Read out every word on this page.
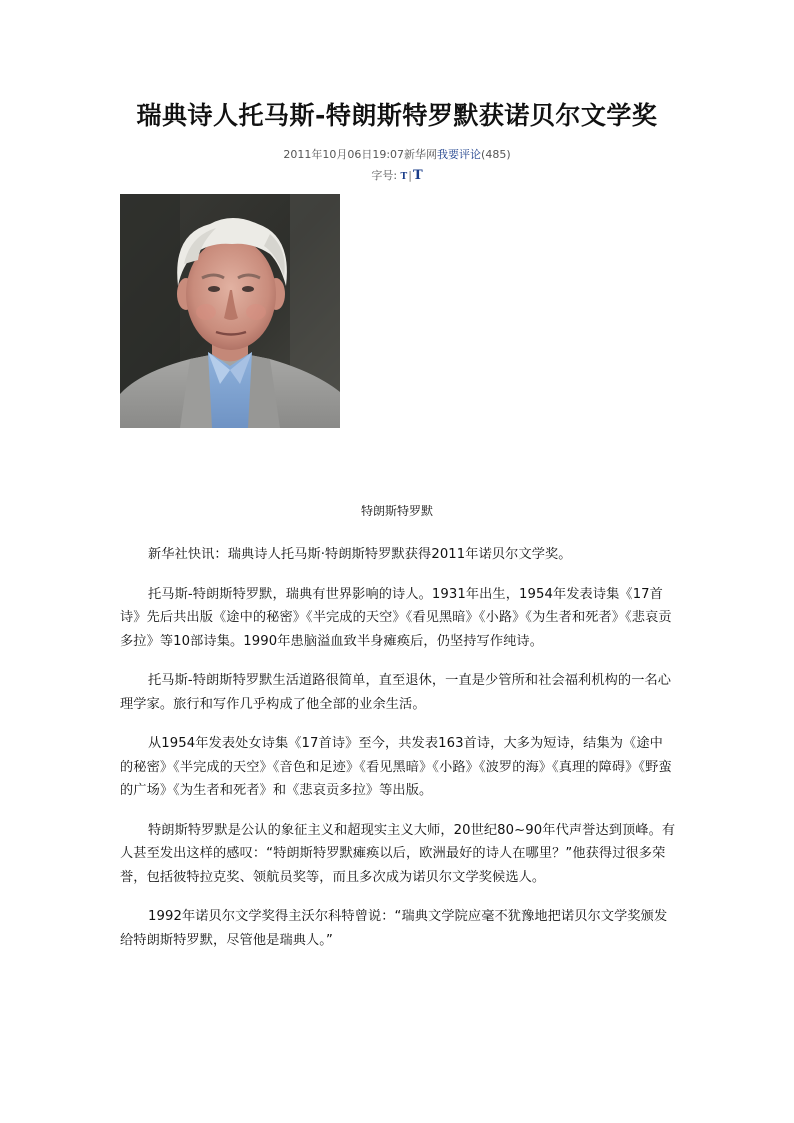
瑞典诗人托马斯-特朗斯特罗默获诺贝尔文学奖
2011年10月06日19:07新华网我要评论(485)
字号: T|T
特朗斯特罗默

新华社快讯：瑞典诗人托马斯·特朗斯特罗默获得2011年诺贝尔文学奖。

托马斯-特朗斯特罗默，瑞典有世界影响的诗人。1931年出生，1954年发表诗集《17首诗》先后共出版《途中的秘密》《半完成的天空》《看见黑暗》《小路》《为生者和死者》《悲哀贡多拉》等10部诗集。1990年患脑溢血致半身瘫痪后，仍坚持写作纯诗。

托马斯-特朗斯特罗默生活道路很简单，直至退休，一直是少管所和社会福利机构的一名心理学家。旅行和写作几乎构成了他全部的业余生活。

从1954年发表处女诗集《17首诗》至今，共发表163首诗，大多为短诗，结集为《途中的秘密》《半完成的天空》《音色和足迹》《看见黑暗》《小路》《波罗的海》《真理的障碍》《野蛮的广场》《为生者和死者》和《悲哀贡多拉》等出版。

特朗斯特罗默是公认的象征主义和超现实主义大师，20世纪80~90年代声誉达到顶峰。有人甚至发出这样的感叹：“特朗斯特罗默瘫痪以后，欧洲最好的诗人在哪里？”他获得过很多荣誉，包括彼特拉克奖、领航员奖等，而且多次成为诺贝尔文学奖候选人。

1992年诺贝尔文学奖得主沃尔科特曾说：“瑞典文学院应毫不犹豫地把诺贝尔文学奖颁发给特朗斯特罗默，尽管他是瑞典人。”
